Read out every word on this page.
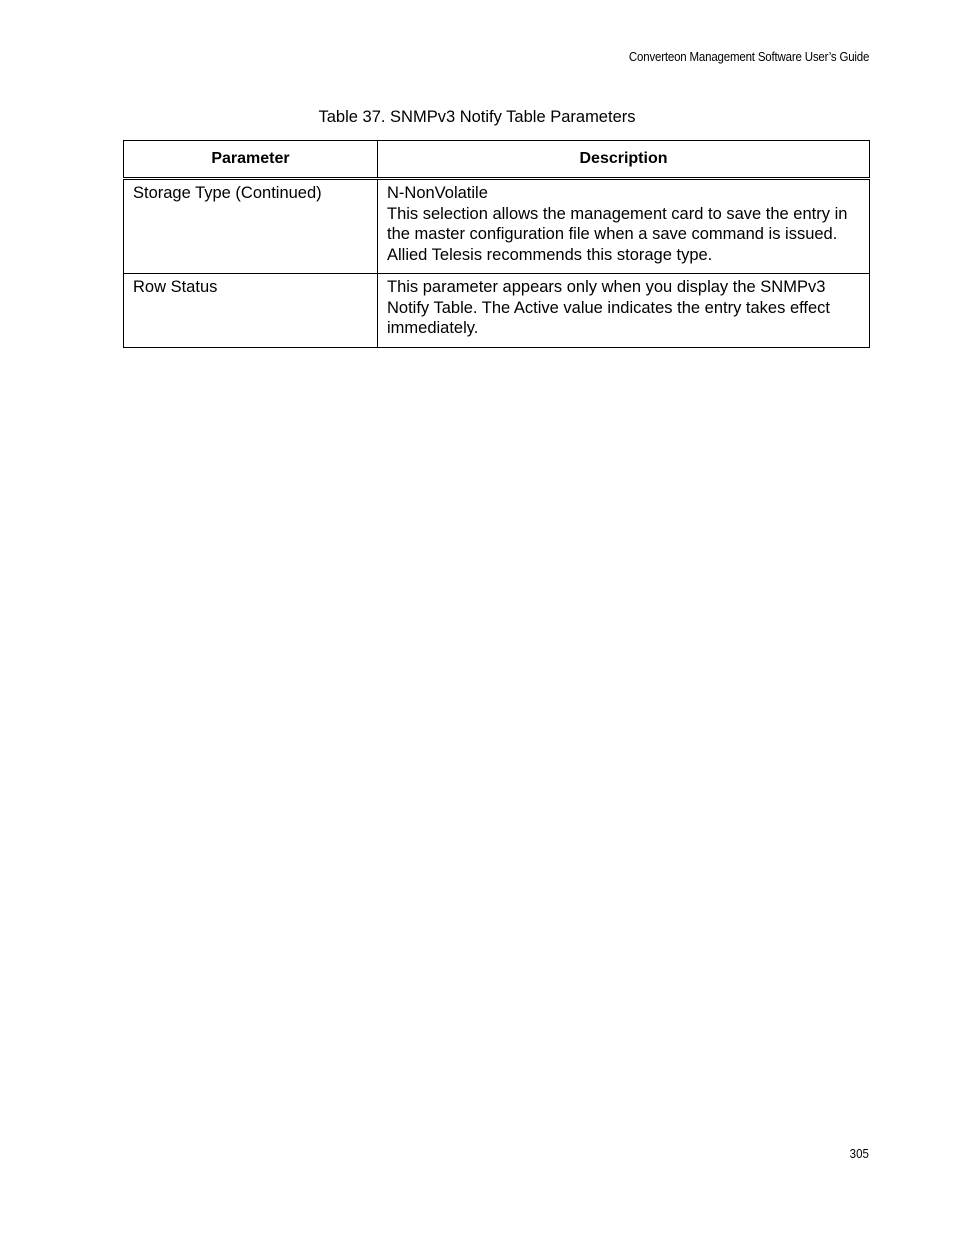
Converteon Management Software User’s Guide
Table 37. SNMPv3 Notify Table Parameters
Parameter	Description
Storage Type (Continued)	N-NonVolatile
This selection allows the management card to save the entry in the master configuration file when a save command is issued. Allied Telesis recommends this storage type.

Row Status	This parameter appears only when you display the SNMPv3 Notify Table. The Active value indicates the entry takes effect immediately.
305
